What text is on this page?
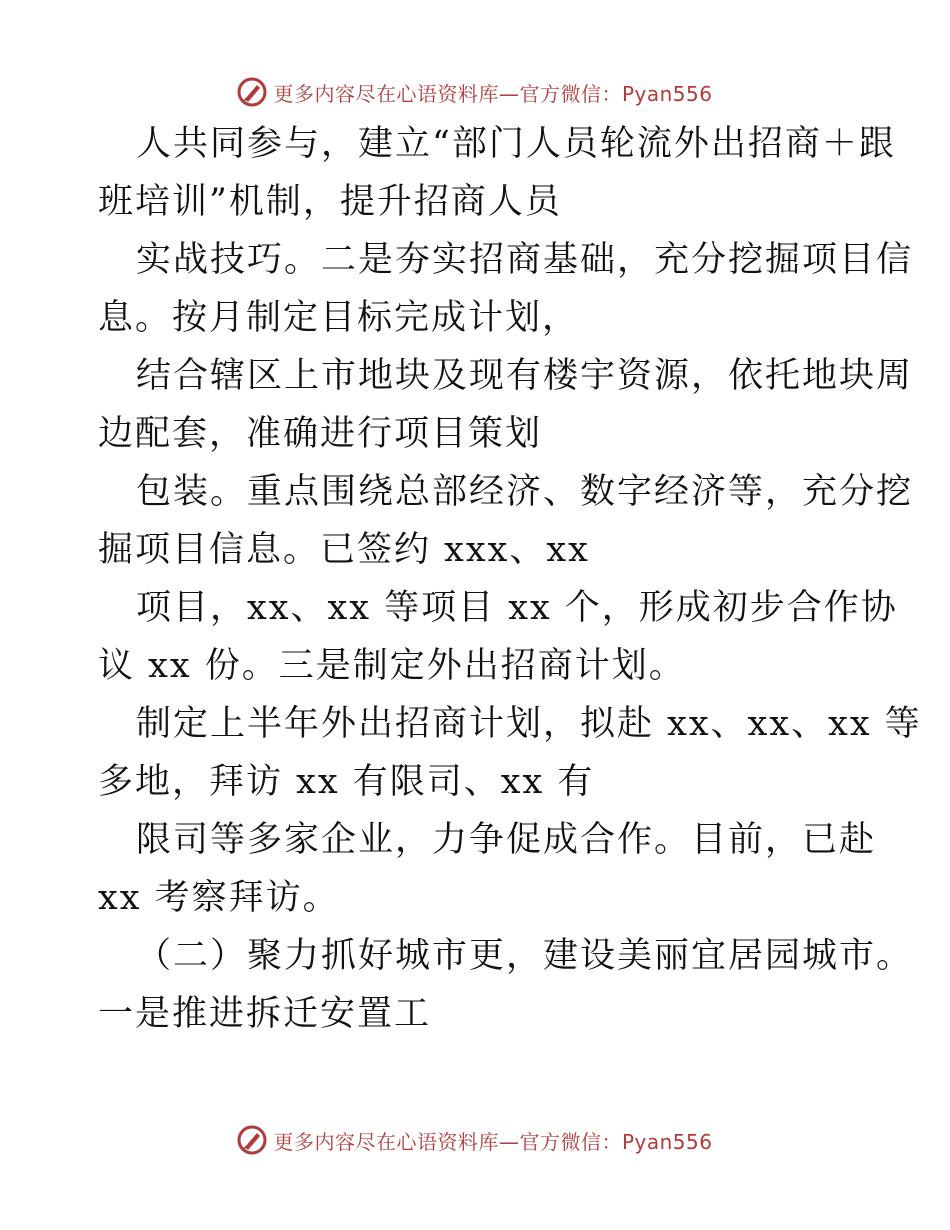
更多内容尽在心语资料库—官方微信：Pyan556
人共同参与，建立“部门人员轮流外出招商＋跟
班培训”机制，提升招商人员
实战技巧。二是夯实招商基础，充分挖掘项目信
息。按月制定目标完成计划，
结合辖区上市地块及现有楼宇资源，依托地块周
边配套，准确进行项目策划
包装。重点围绕总部经济、数字经济等，充分挖
掘项目信息。已签约 xxx、xx
项目，xx、xx 等项目 xx 个，形成初步合作协
议 xx 份。三是制定外出招商计划。
制定上半年外出招商计划，拟赴 xx、xx、xx 等
多地，拜访 xx 有限司、xx 有
限司等多家企业，力争促成合作。目前，已赴
xx 考察拜访。
（二）聚力抓好城市更，建设美丽宜居园城市。
一是推进拆迁安置工
更多内容尽在心语资料库—官方微信：Pyan556
